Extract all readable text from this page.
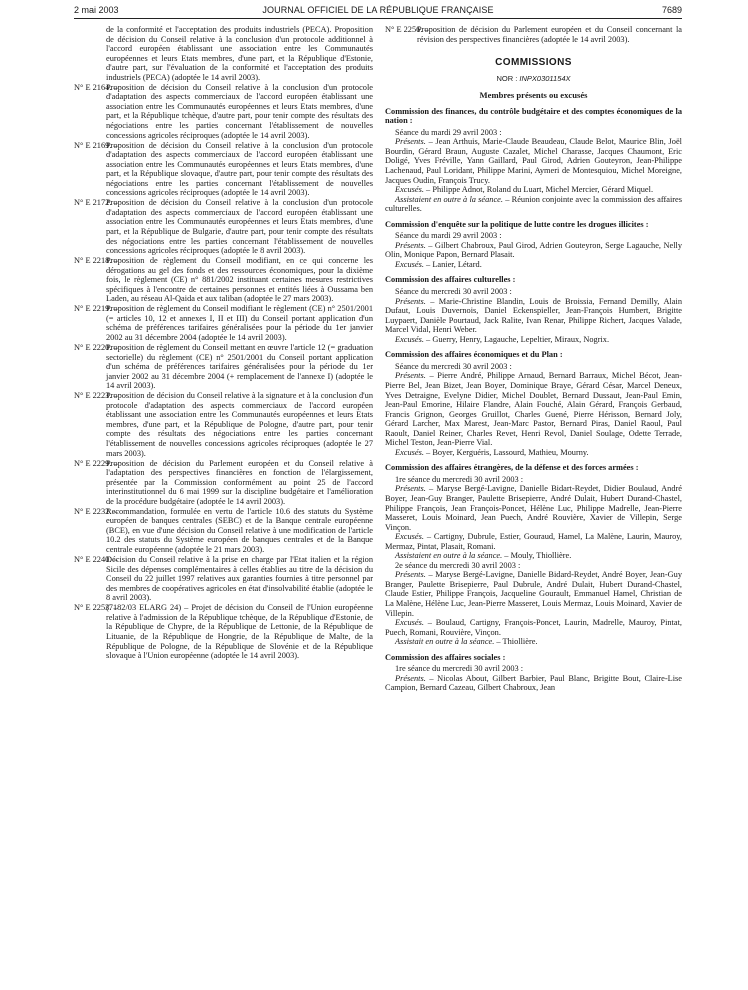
2 mai 2003	JOURNAL OFFICIEL DE LA RÉPUBLIQUE FRANÇAISE	7689

de la conformité et l'acceptation des produits industriels (PECA). Proposition de décision du Conseil relative à la conclusion d'un protocole additionnel à l'accord européen établissant une association entre les Communautés européennes et leurs Etats membres, d'une part, et la République d'Estonie, d'autre part, sur l'évaluation de la conformité et l'acceptation des produits industriels (PECA) (adoptée le 14 avril 2003).

N° E 2164. –
Proposition de décision du Conseil relative à la conclusion d'un protocole d'adaptation des aspects commerciaux de l'accord européen établissant une association entre les Communautés européennes et leurs Etats membres, d'une part, et la République tchèque, d'autre part, pour tenir compte des résultats des négociations entre les parties concernant l'établissement de nouvelles concessions agricoles réciproques (adoptée le 14 avril 2003).
N° E 2169. –
Proposition de décision du Conseil relative à la conclusion d'un protocole d'adaptation des aspects commerciaux de l'accord européen établissant une association entre les Communautés européennes et leurs Etats membres, d'une part, et la République slovaque, d'autre part, pour tenir compte des résultats des négociations entre les parties concernant l'établissement de nouvelles concessions agricoles réciproques (adoptée le 14 avril 2003).
N° E 2172. –
Proposition de décision du Conseil relative à la conclusion d'un protocole d'adaptation des aspects commerciaux de l'accord européen établissant une association entre les Communautés européennes et leurs Etats membres, d'une part, et la République de Bulgarie, d'autre part, pour tenir compte des résultats des négociations entre les parties concernant l'établissement de nouvelles concessions agricoles réciproques (adoptée le 8 avril 2003).
N° E 2218. –
Proposition de règlement du Conseil modifiant, en ce qui concerne les dérogations au gel des fonds et des ressources économiques, pour la dixième fois, le règlement (CE) n° 881/2002 instituant certaines mesures restrictives spécifiques à l'encontre de certaines personnes et entités liées à Oussama ben Laden, au réseau Al-Qaida et aux taliban (adoptée le 27 mars 2003).
N° E 2219. –
Proposition de règlement du Conseil modifiant le règlement (CE) n° 2501/2001 (= articles 10, 12 et annexes I, II et III) du Conseil portant application d'un schéma de préférences tarifaires généralisées pour la période du 1er janvier 2002 au 31 décembre 2004 (adoptée le 14 avril 2003).
N° E 2220. –
Proposition de règlement du Conseil mettant en œuvre l'article 12 (= graduation sectorielle) du règlement (CE) n° 2501/2001 du Conseil portant application d'un schéma de préférences tarifaires généralisées pour la période du 1er janvier 2002 au 31 décembre 2004 (+ remplacement de l'annexe I) (adoptée le 14 avril 2003).
N° E 2223. –
Proposition de décision du Conseil relative à la signature et à la conclusion d'un protocole d'adaptation des aspects commerciaux de l'accord européen établissant une association entre les Communautés européennes et leurs Etats membres, d'une part, et la République de Pologne, d'autre part, pour tenir compte des résultats des négociations entre les parties concernant l'établissement de nouvelles concessions agricoles réciproques (adoptée le 27 mars 2003).
N° E 2229. –
Proposition de décision du Parlement européen et du Conseil relative à l'adaptation des perspectives financières en fonction de l'élargissement, présentée par la Commission conformément au point 25 de l'accord interinstitutionnel du 6 mai 1999 sur la discipline budgétaire et l'amélioration de la procédure budgétaire (adoptée le 14 avril 2003).
N° E 2232. –
Recommandation, formulée en vertu de l'article 10.6 des statuts du Système européen de banques centrales (SEBC) et de la Banque centrale européenne (BCE), en vue d'une décision du Conseil relative à une modification de l'article 10.2 des statuts du Système européen de banques centrales et de la Banque centrale européenne (adoptée le 21 mars 2003).
N° E 2240. –
Décision du Conseil relative à la prise en charge par l'Etat italien et la région Sicile des dépenses complémentaires à celles établies au titre de la décision du Conseil du 22 juillet 1997 relatives aux garanties fournies à titre personnel par des membres de coopératives agricoles en état d'insolvabilité établie (adoptée le 8 avril 2003).
N° E 2253. –
(7182/03 ELARG 24) – Projet de décision du Conseil de l'Union européenne relative à l'admission de la République tchèque, de la République d'Estonie, de la République de Chypre, de la République de Lettonie, de la République de Lituanie, de la République de Hongrie, de la République de Malte, de la République de Pologne, de la République de Slovénie et de la République slovaque à l'Union européenne (adoptée le 14 avril 2003).
N° E 2256. –
Proposition de décision du Parlement européen et du Conseil concernant la révision des perspectives financières (adoptée le 14 avril 2003).
COMMISSIONS
NOR : INPX0301154X
Membres présents ou excusés
Commission des finances, du contrôle budgétaire et des comptes économiques de la nation :

Séance du mardi 29 avril 2003 :

Présents. – Jean Arthuis, Marie-Claude Beaudeau, Claude Belot, Maurice Blin, Joël Bourdin, Gérard Braun, Auguste Cazalet, Michel Charasse, Jacques Chaumont, Eric Doligé, Yves Fréville, Yann Gaillard, Paul Girod, Adrien Gouteyron, Jean-Philippe Lachenaud, Paul Loridant, Philippe Marini, Aymeri de Montesquiou, Michel Moreigne, Jacques Oudin, François Trucy.

Excusés. – Philippe Adnot, Roland du Luart, Michel Mercier, Gérard Miquel.

Assistaient en outre à la séance. – Réunion conjointe avec la commission des affaires culturelles.

Commission d'enquête sur la politique de lutte contre les drogues illicites :

Séance du mardi 29 avril 2003 :

Présents. – Gilbert Chabroux, Paul Girod, Adrien Gouteyron, Serge Lagauche, Nelly Olin, Monique Papon, Bernard Plasait.

Excusés. – Lanier, Létard.

Commission des affaires culturelles :

Séance du mercredi 30 avril 2003 :

Présents. – Marie-Christine Blandin, Louis de Broissia, Fernand Demilly, Alain Dufaut, Louis Duvernois, Daniel Eckenspieller, Jean-François Humbert, Brigitte Luypaert, Danièle Pourtaud, Jack Ralite, Ivan Renar, Philippe Richert, Jacques Valade, Marcel Vidal, Henri Weber.

Excusés. – Guerry, Henry, Lagauche, Lepeltier, Miraux, Nogrix.

Commission des affaires économiques et du Plan :

Séance du mercredi 30 avril 2003 :

Présents. – Pierre André, Philippe Arnaud, Bernard Barraux, Michel Bécot, Jean-Pierre Bel, Jean Bizet, Jean Boyer, Dominique Braye, Gérard César, Marcel Deneux, Yves Detraigne, Evelyne Didier, Michel Doublet, Bernard Dussaut, Jean-Paul Emin, Jean-Paul Emorine, Hilaire Flandre, Alain Fouché, Alain Gérard, François Gerbaud, Francis Grignon, Georges Gruillot, Charles Guené, Pierre Hérisson, Bernard Joly, Gérard Larcher, Max Marest, Jean-Marc Pastor, Bernard Piras, Daniel Raoul, Paul Raoult, Daniel Reiner, Charles Revet, Henri Revol, Daniel Soulage, Odette Terrade, Michel Teston, Jean-Pierre Vial.

Excusés. – Boyer, Kerguéris, Lassourd, Mathieu, Mourny.

Commission des affaires étrangères, de la défense et des forces armées :

1re séance du mercredi 30 avril 2003 :

Présents. – Maryse Bergé-Lavigne, Danielle Bidart-Reydet, Didier Boulaud, André Boyer, Jean-Guy Branger, Paulette Brisepierre, André Dulait, Hubert Durand-Chastel, Philippe François, Jean François-Poncet, Hélène Luc, Philippe Madrelle, Jean-Pierre Masseret, Louis Moinard, Jean Puech, André Rouvière, Xavier de Villepin, Serge Vinçon.

Excusés. – Cartigny, Dubrule, Estier, Gouraud, Hamel, La Malène, Laurin, Mauroy, Mermaz, Pintat, Plasait, Romani.

Assistaient en outre à la séance. – Mouly, Thiollière.

2e séance du mercredi 30 avril 2003 :

Présents. – Maryse Bergé-Lavigne, Danielle Bidard-Reydet, André Boyer, Jean-Guy Branger, Paulette Brisepierre, Paul Dubrule, André Dulait, Hubert Durand-Chastel, Claude Estier, Philippe François, Jacqueline Gourault, Emmanuel Hamel, Christian de La Malène, Hélène Luc, Jean-Pierre Masseret, Louis Mermaz, Louis Moinard, Xavier de Villepin.

Excusés. – Boulaud, Cartigny, François-Poncet, Laurin, Madrelle, Mauroy, Pintat, Puech, Romani, Rouvière, Vinçon.

Assistait en outre à la séance. – Thiollière.

Commission des affaires sociales :

1re séance du mercredi 30 avril 2003 :

Présents. – Nicolas About, Gilbert Barbier, Paul Blanc, Brigitte Bout, Claire-Lise Campion, Bernard Cazeau, Gilbert Chabroux, Jean
